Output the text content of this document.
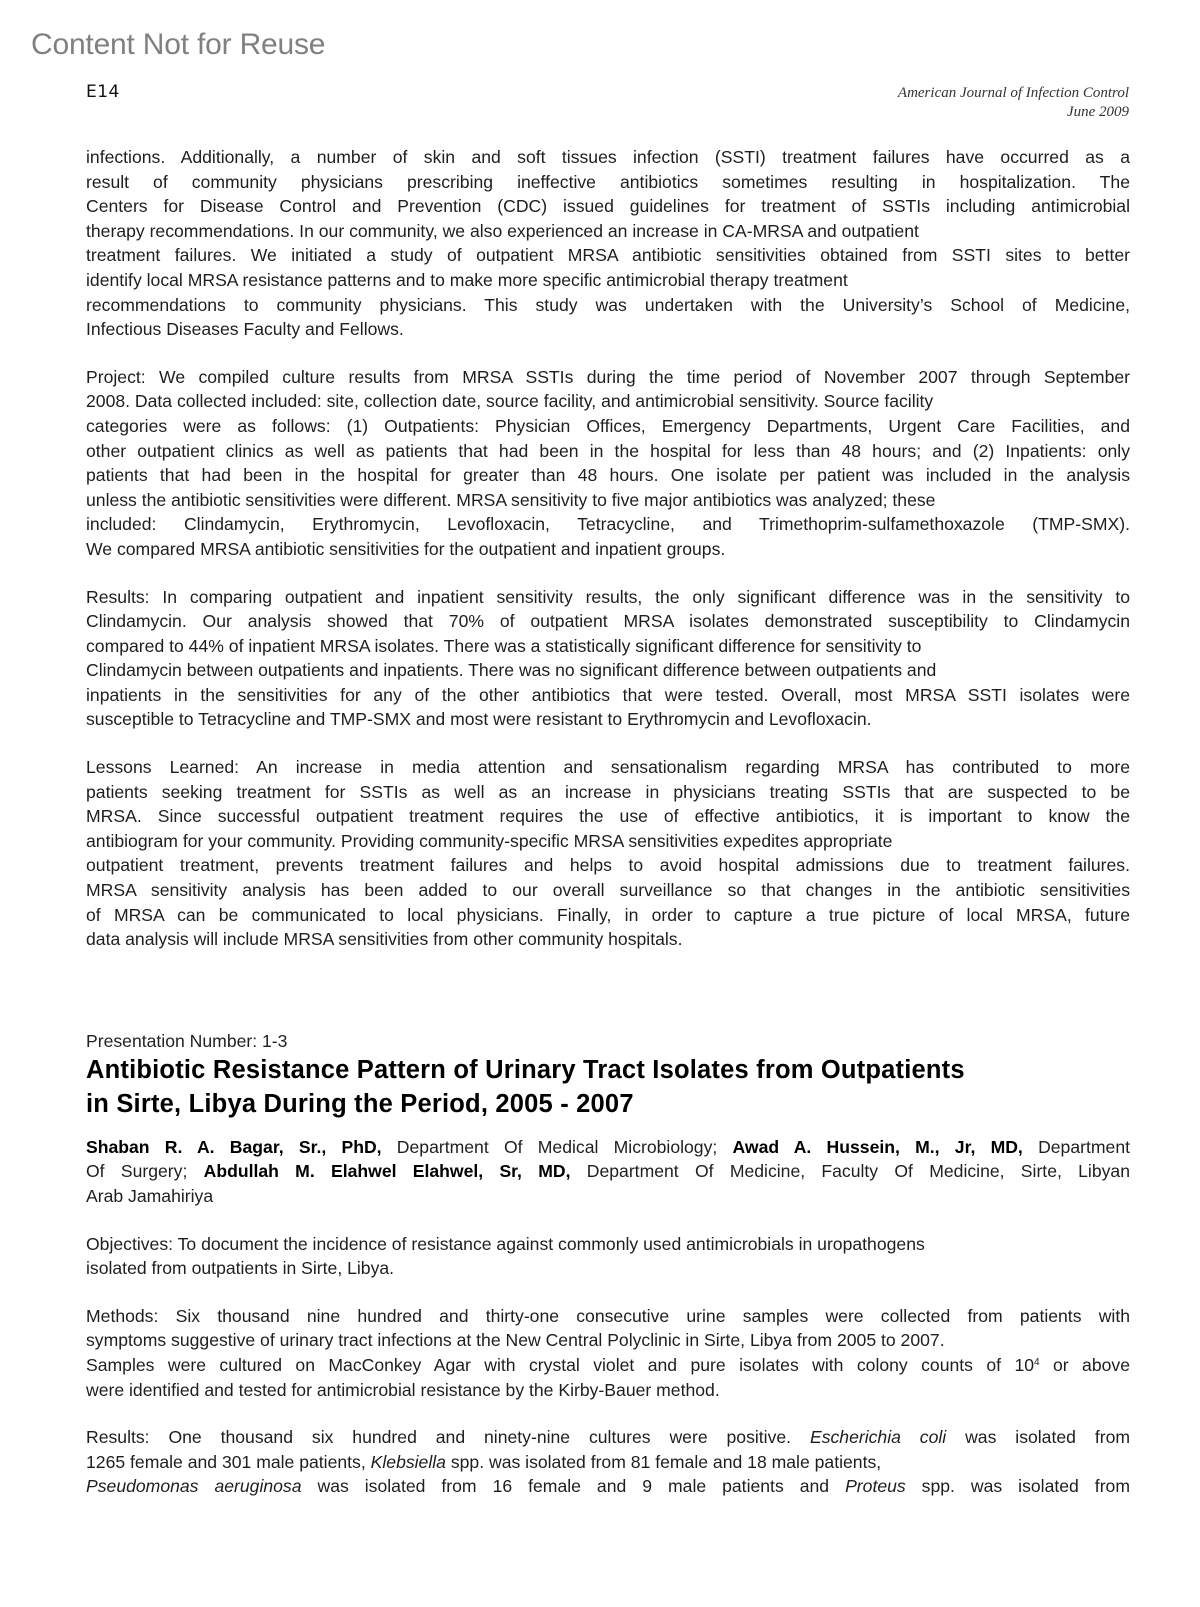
Content Not for Reuse
E14	American Journal of Infection Control
June 2009
infections. Additionally, a number of skin and soft tissues infection (SSTI) treatment failures have occurred as a
result of community physicians prescribing ineffective antibiotics sometimes resulting in hospitalization. The
Centers for Disease Control and Prevention (CDC) issued guidelines for treatment of SSTIs including antimicrobial
therapy recommendations. In our community, we also experienced an increase in CA-MRSA and outpatient
treatment failures. We initiated a study of outpatient MRSA antibiotic sensitivities obtained from SSTI sites to better
identify local MRSA resistance patterns and to make more specific antimicrobial therapy treatment
recommendations to community physicians. This study was undertaken with the University’s School of Medicine,
Infectious Diseases Faculty and Fellows.
Project: We compiled culture results from MRSA SSTIs during the time period of November 2007 through September
2008. Data collected included: site, collection date, source facility, and antimicrobial sensitivity. Source facility
categories were as follows: (1) Outpatients: Physician Offices, Emergency Departments, Urgent Care Facilities, and
other outpatient clinics as well as patients that had been in the hospital for less than 48 hours; and (2) Inpatients: only
patients that had been in the hospital for greater than 48 hours. One isolate per patient was included in the analysis
unless the antibiotic sensitivities were different. MRSA sensitivity to five major antibiotics was analyzed; these
included: Clindamycin, Erythromycin, Levofloxacin, Tetracycline, and Trimethoprim-sulfamethoxazole (TMP-SMX).
We compared MRSA antibiotic sensitivities for the outpatient and inpatient groups.
Results: In comparing outpatient and inpatient sensitivity results, the only significant difference was in the sensitivity to
Clindamycin. Our analysis showed that 70% of outpatient MRSA isolates demonstrated susceptibility to Clindamycin
compared to 44% of inpatient MRSA isolates. There was a statistically significant difference for sensitivity to
Clindamycin between outpatients and inpatients. There was no significant difference between outpatients and
inpatients in the sensitivities for any of the other antibiotics that were tested. Overall, most MRSA SSTI isolates were
susceptible to Tetracycline and TMP-SMX and most were resistant to Erythromycin and Levofloxacin.
Lessons Learned: An increase in media attention and sensationalism regarding MRSA has contributed to more
patients seeking treatment for SSTIs as well as an increase in physicians treating SSTIs that are suspected to be
MRSA. Since successful outpatient treatment requires the use of effective antibiotics, it is important to know the
antibiogram for your community. Providing community-specific MRSA sensitivities expedites appropriate
outpatient treatment, prevents treatment failures and helps to avoid hospital admissions due to treatment failures.
MRSA sensitivity analysis has been added to our overall surveillance so that changes in the antibiotic sensitivities
of MRSA can be communicated to local physicians. Finally, in order to capture a true picture of local MRSA, future
data analysis will include MRSA sensitivities from other community hospitals.
Presentation Number: 1-3
Antibiotic Resistance Pattern of Urinary Tract Isolates from Outpatients
in Sirte, Libya During the Period, 2005 - 2007
Shaban R. A. Bagar, Sr., PhD, Department Of Medical Microbiology; Awad A. Hussein, M., Jr, MD, Department
Of Surgery; Abdullah M. Elahwel Elahwel, Sr, MD, Department Of Medicine, Faculty Of Medicine, Sirte, Libyan
Arab Jamahiriya
Objectives: To document the incidence of resistance against commonly used antimicrobials in uropathogens
isolated from outpatients in Sirte, Libya.
Methods: Six thousand nine hundred and thirty-one consecutive urine samples were collected from patients with
symptoms suggestive of urinary tract infections at the New Central Polyclinic in Sirte, Libya from 2005 to 2007.
Samples were cultured on MacConkey Agar with crystal violet and pure isolates with colony counts of $10^4$ or above
were identified and tested for antimicrobial resistance by the Kirby-Bauer method.
Results: One thousand six hundred and ninety-nine cultures were positive. Escherichia coli was isolated from
1265 female and 301 male patients, Klebsiella spp. was isolated from 81 female and 18 male patients,
Pseudomonas aeruginosa was isolated from 16 female and 9 male patients and Proteus spp. was isolated from
